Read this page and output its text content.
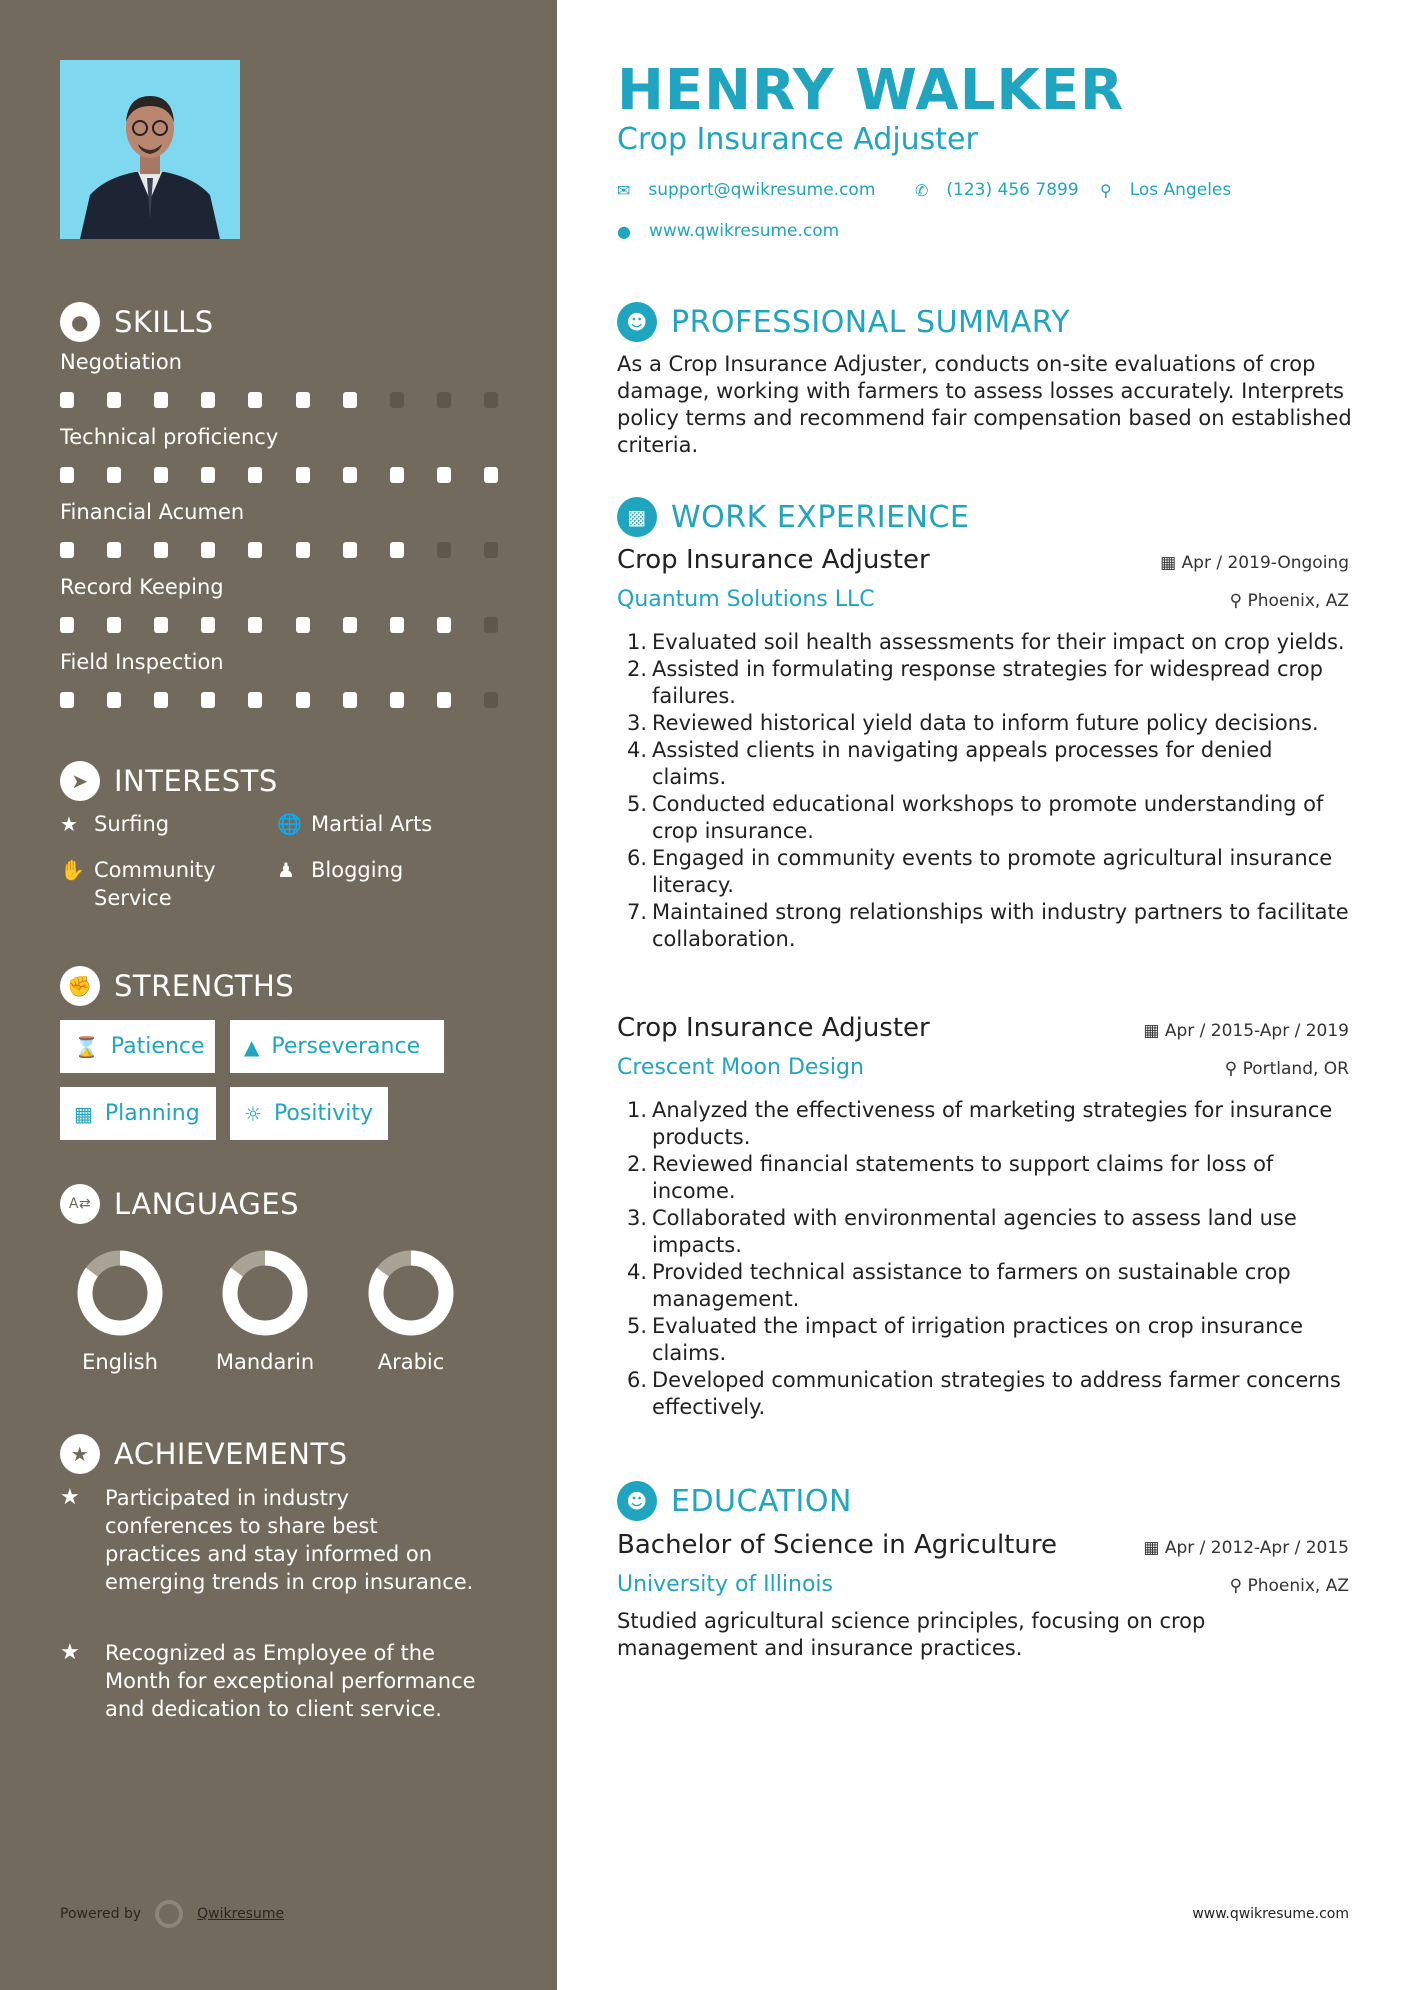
● SKILLS
Negotiation
Technical proficiency
Financial Acumen
Record Keeping
Field Inspection
➤ INTERESTS
★ Surfing	🌐 Martial Arts
✋ Community Service
♟ Blogging
✊ STRENGTHS
⌛ Patience ▲ Perseverance
▦ Planning ☼ Positivity
A⇄ LANGUAGES
English	Mandarin	Arabic
★ ACHIEVEMENTS
★	Participated in industry conferences to share best practices and stay informed on emerging trends in crop insurance.
★	Recognized as Employee of the Month for exceptional performance and dedication to client service.
Powered by	Qwikresume
HENRY WALKER
Crop Insurance Adjuster
✉ support@qwikresume.com ✆ (123) 456 7899 ⚲ Los Angeles
● www.qwikresume.com
☻ PROFESSIONAL SUMMARY
As a Crop Insurance Adjuster, conducts on-site evaluations of crop damage, working with farmers to assess losses accurately. Interprets policy terms and recommend fair compensation based on established criteria.
▩ WORK EXPERIENCE
Crop Insurance Adjuster	▦ Apr / 2019-Ongoing
Quantum Solutions LLC	⚲ Phoenix, AZ
1. Evaluated soil health assessments for their impact on crop yields.
2. Assisted in formulating response strategies for widespread crop failures.
3. Reviewed historical yield data to inform future policy decisions.
4. Assisted clients in navigating appeals processes for denied claims.
5. Conducted educational workshops to promote understanding of crop insurance.
6. Engaged in community events to promote agricultural insurance literacy.
7. Maintained strong relationships with industry partners to facilitate collaboration.
Crop Insurance Adjuster	▦ Apr / 2015-Apr / 2019
Crescent Moon Design	⚲ Portland, OR
1. Analyzed the effectiveness of marketing strategies for insurance products.
2. Reviewed financial statements to support claims for loss of income.
3. Collaborated with environmental agencies to assess land use impacts.
4. Provided technical assistance to farmers on sustainable crop management.
5. Evaluated the impact of irrigation practices on crop insurance claims.
6. Developed communication strategies to address farmer concerns effectively.
☻ EDUCATION
Bachelor of Science in Agriculture	▦ Apr / 2012-Apr / 2015
University of Illinois	⚲ Phoenix, AZ
Studied agricultural science principles, focusing on crop management and insurance practices.
www.qwikresume.com
